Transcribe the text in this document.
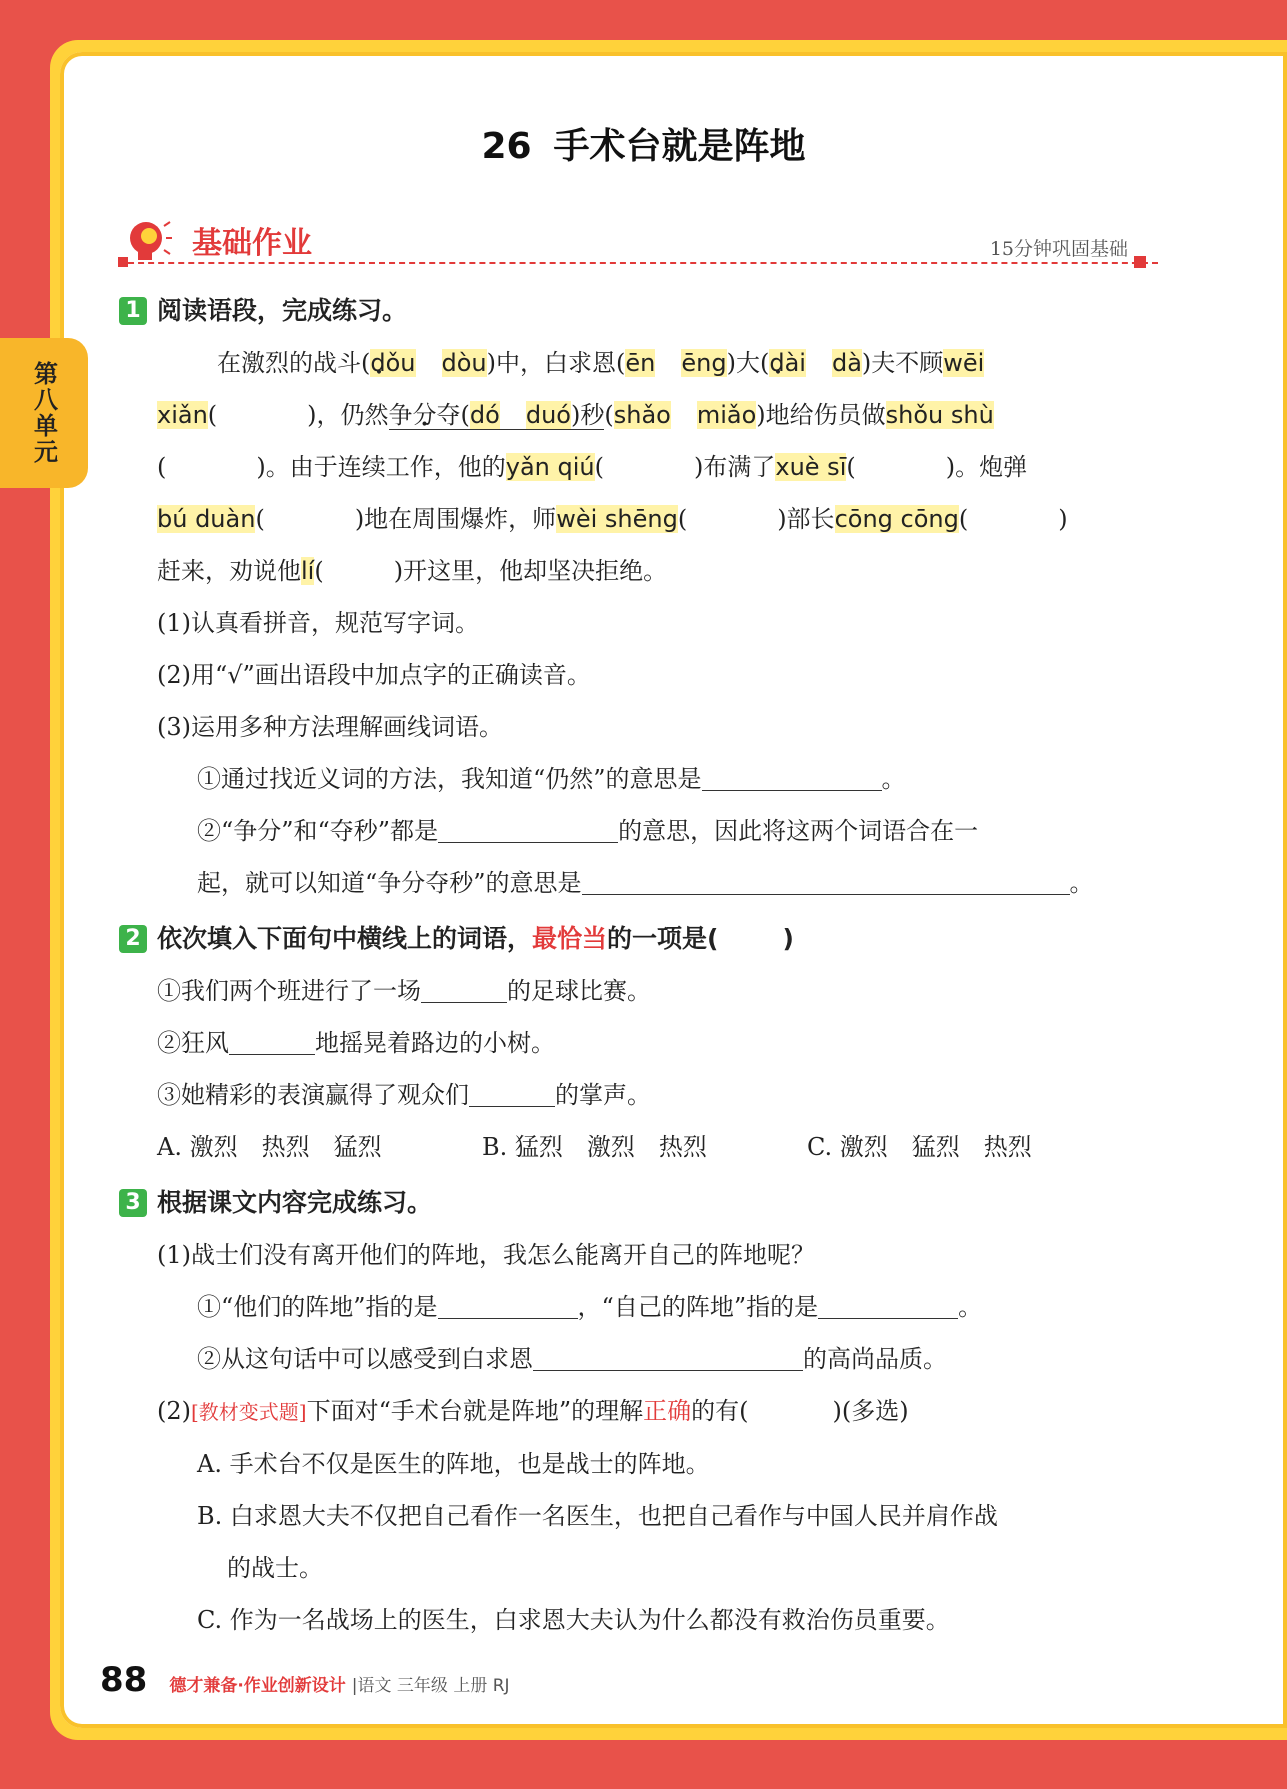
第八单元
26 手术台就是阵地
基础作业	15分钟巩固基础
1 阅读语段，完成练习。
在激烈的战斗(dǒu dòu)中，白求恩(ēn ēng)大(dài dà)夫不顾wēi
xiǎn(	)，仍然争分夺(dó duó)秒(shǎo miǎo)地给伤员做shǒu shù
(	)。由于连续工作，他的yǎn qiú(	)布满了xuè sī(	)。炮弹
bú duàn(	)地在周围爆炸，师wèi shēng(	)部长cōng cōng(	)
赶来，劝说他lí(	)开这里，他却坚决拒绝。
(1)认真看拼音，规范写字词。
(2)用“√”画出语段中加点字的正确读音。
(3)运用多种方法理解画线词语。
①通过找近义词的方法，我知道“仍然”的意思是	。
②“争分”和“夺秒”都是	的意思，因此将这两个词语合在一
起，就可以知道“争分夺秒”的意思是	。
2 依次填入下面句中横线上的词语， 最恰当 的一项是(	)
①我们两个班进行了一场	的足球比赛。
②狂风	地摇晃着路边的小树。
③她精彩的表演赢得了观众们	的掌声。
A. 激烈　热烈　猛烈	B. 猛烈　激烈　热烈	C. 激烈　猛烈　热烈
3 根据课文内容完成练习。
(1)战士们没有离开他们的阵地，我怎么能离开自己的阵地呢？
①“他们的阵地”指的是	，“自己的阵地”指的是	。
②从这句话中可以感受到白求恩	的高尚品质。
(2)[教材变式题]下面对“手术台就是阵地”的理解正确的有(	)(多选)
A. 手术台不仅是医生的阵地，也是战士的阵地。
B. 白求恩大夫不仅把自己看作一名医生，也把自己看作与中国人民并肩作战
的战士。
C. 作为一名战场上的医生，白求恩大夫认为什么都没有救治伤员重要。
88 德才兼备·作业创新设计 |语文 三年级 上册 RJ
